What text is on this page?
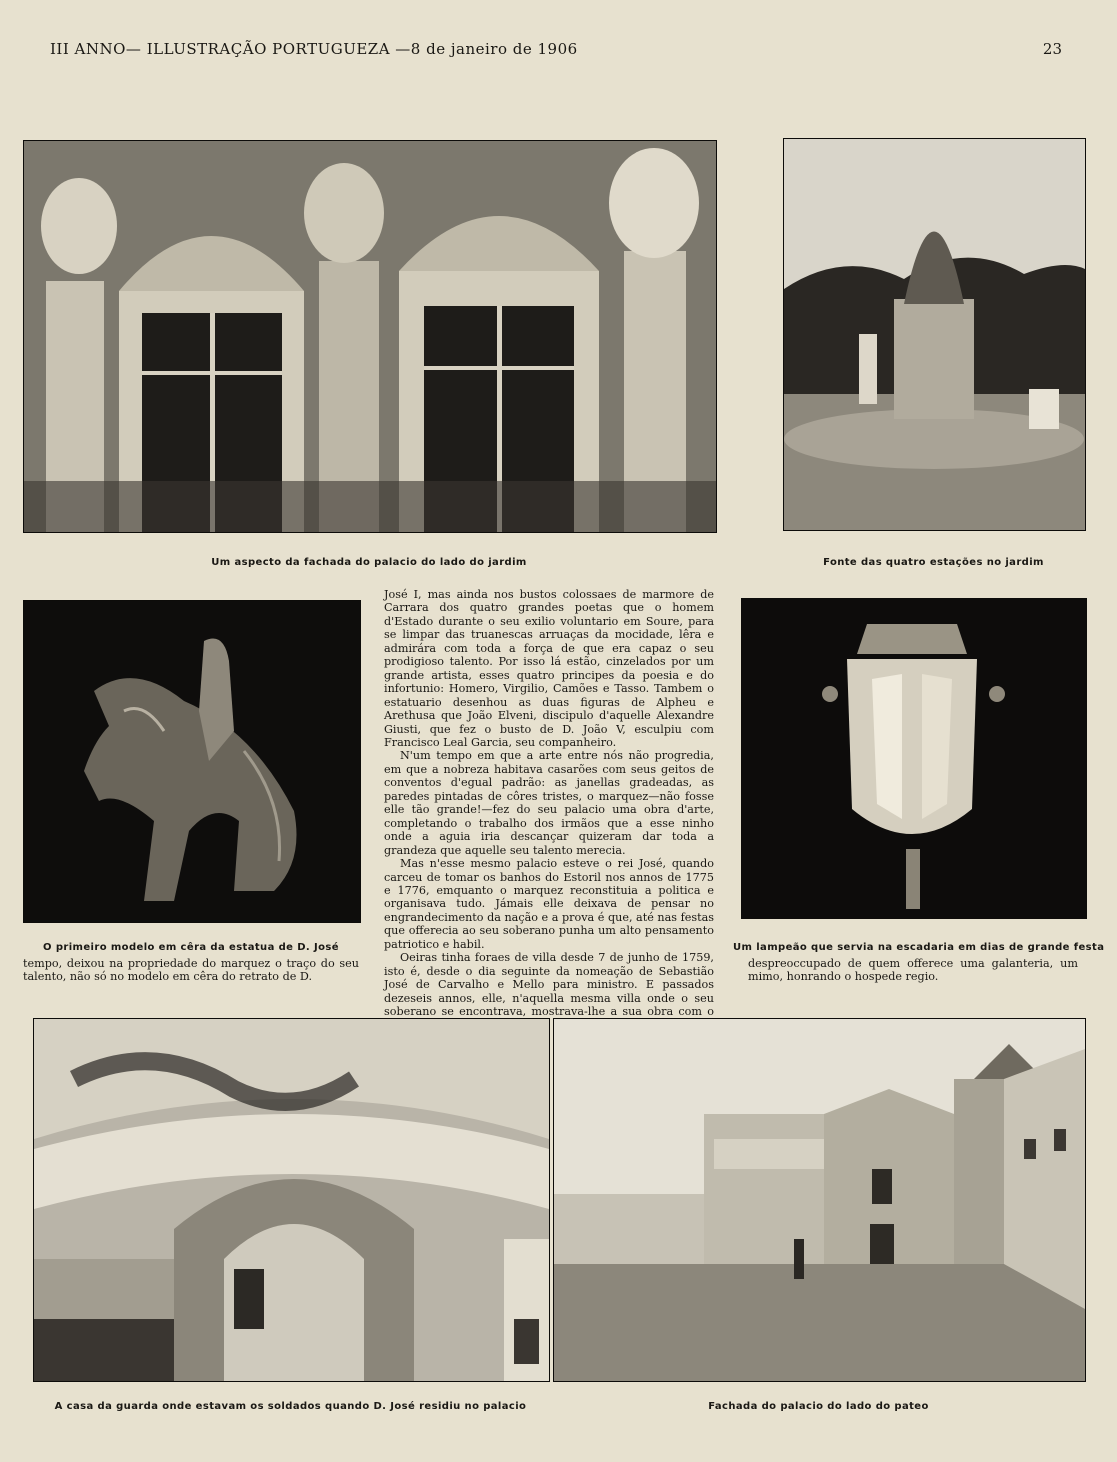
III ANNO— ILLUSTRAÇÃO PORTUGUEZA —8 de janeiro de 1906	23
Um aspecto da fachada do palacio do lado do jardim	Fonte das quatro estações no jardim
O primeiro modelo em cêra da estatua de D. José	Um lampeão que servia na escadaria em dias de grande festa

José I, mas ainda nos bustos colossaes de marmore de Carrara dos quatro grandes poetas que o homem d'Estado durante o seu exilio voluntario em Soure, para se limpar das truanescas arruaças da mocidade, lêra e admirára com toda a força de que era capaz o seu prodigioso talento. Por isso lá estão, cinzelados por um grande artista, esses quatro principes da poesia e do infortunio: Homero, Virgilio, Camões e Tasso. Tambem o estatuario desenhou as duas figuras de Alpheu e Arethusa que João Elveni, discipulo d'aquelle Alexandre Giusti, que fez o busto de D. João V, esculpiu com Francisco Leal Garcia, seu companheiro.

N'um tempo em que a arte entre nós não progredia, em que a nobreza habitava casarões com seus geitos de conventos d'egual padrão: as janellas gradeadas, as paredes pintadas de côres tristes, o marquez—não fosse elle tão grande!—fez do seu palacio uma obra d'arte, completando o trabalho dos irmãos que a esse ninho onde a aguia iria descançar quizeram dar toda a grandeza que aquelle seu talento merecia.

Mas n'esse mesmo palacio esteve o rei José, quando carceu de tomar os banhos do Estoril nos annos de 1775 e 1776, emquanto o marquez reconstituia a politica e organisava tudo. Jámais elle deixava de pensar no engrandecimento da nação e a prova é que, até nas festas que offerecia ao seu soberano punha um alto pensamento patriotico e habil.

Oeiras tinha foraes de villa desde 7 de junho de 1759, isto é, desde o dia seguinte da nomeação de Sebastião José de Carvalho e Mello para ministro. E passados dezeseis annos, elle, n'aquella mesma villa onde o seu soberano se encontrava, mostrava-lhe a sua obra com o

tempo, deixou na propriedade do marquez o traço do seu talento, não só no modelo em cêra do retrato de D.
despreoccupado de quem offerece uma galanteria, um mimo, honrando o hospede regio.
A casa da guarda onde estavam os soldados quando D. José residiu no palacio	Fachada do palacio do lado do pateo
